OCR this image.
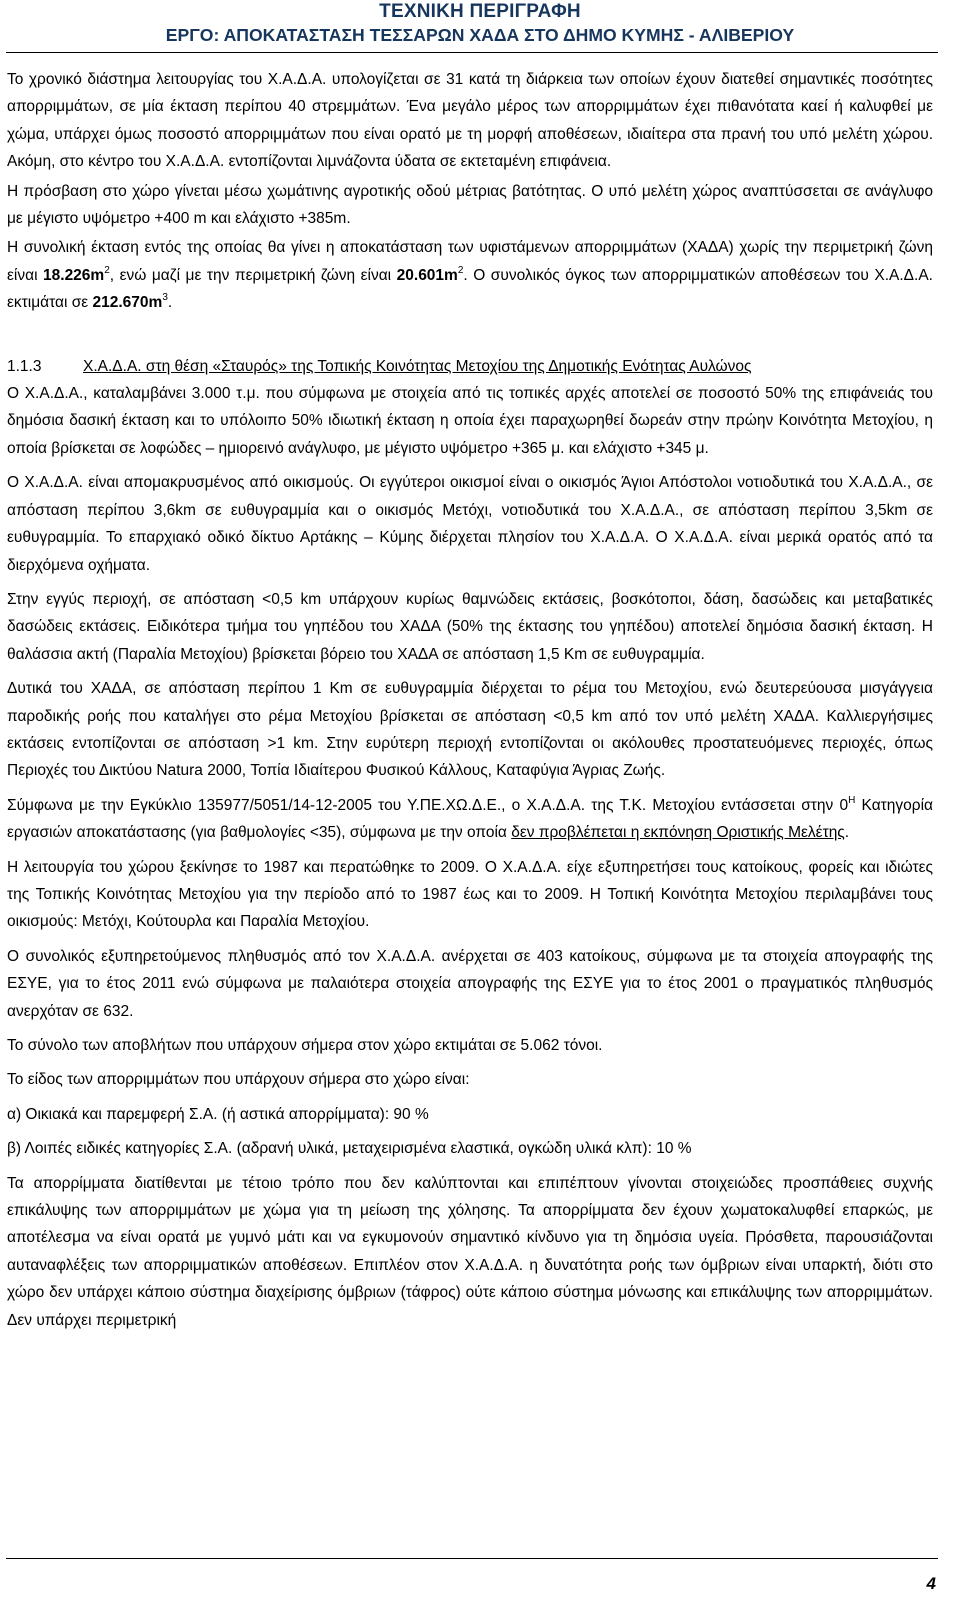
ΤΕΧΝΙΚΗ ΠΕΡΙΓΡΑΦΗ
ΕΡΓΟ: ΑΠΟΚΑΤΑΣΤΑΣΗ ΤΕΣΣΑΡΩΝ ΧΑΔΑ ΣΤΟ ΔΗΜΟ ΚΥΜΗΣ - ΑΛΙΒΕΡΙΟΥ

Το χρονικό διάστημα λειτουργίας του Χ.Α.Δ.Α. υπολογίζεται σε 31 κατά τη διάρκεια των οποίων έχουν διατεθεί σημαντικές ποσότητες απορριμμάτων, σε μία έκταση περίπου 40 στρεμμάτων. Ένα μεγάλο μέρος των απορριμμάτων έχει πιθανότατα καεί ή καλυφθεί με χώμα, υπάρχει όμως ποσοστό απορριμμάτων που είναι ορατό με τη μορφή αποθέσεων, ιδιαίτερα στα πρανή του υπό μελέτη χώρου. Ακόμη, στο κέντρο του Χ.Α.Δ.Α. εντοπίζονται λιμνάζοντα ύδατα σε εκτεταμένη επιφάνεια.

Η πρόσβαση στο χώρο γίνεται μέσω χωμάτινης αγροτικής οδού μέτριας βατότητας. Ο υπό μελέτη χώρος αναπτύσσεται σε ανάγλυφο με μέγιστο υψόμετρο +400 m και ελάχιστο +385m.

Η συνολική έκταση εντός της οποίας θα γίνει η αποκατάσταση των υφιστάμενων απορριμμάτων (ΧΑΔΑ) χωρίς την περιμετρική ζώνη είναι $18.226m^2$, ενώ μαζί με την περιμετρική ζώνη είναι $20.601m^2$. Ο συνολικός όγκος των απορριμματικών αποθέσεων του Χ.Α.Δ.Α. εκτιμάται σε $212.670m^3$.

1.1.3	Χ.Α.Δ.Α. στη θέση «Σταυρός» της Τοπικής Κοινότητας Μετοχίου της Δημοτικής Ενότητας Αυλώνος

Ο Χ.Α.Δ.Α., καταλαμβάνει 3.000 τ.μ. που σύμφωνα με στοιχεία από τις τοπικές αρχές αποτελεί σε ποσοστό 50% της επιφάνειάς του δημόσια δασική έκταση και το υπόλοιπο 50% ιδιωτική έκταση η οποία έχει παραχωρηθεί δωρεάν στην πρώην Κοινότητα Μετοχίου, η οποία βρίσκεται σε λοφώδες – ημιορεινό ανάγλυφο, με μέγιστο υψόμετρο +365 μ. και ελάχιστο +345 μ.

Ο Χ.Α.Δ.Α. είναι απομακρυσμένος από οικισμούς. Οι εγγύτεροι οικισμοί είναι ο οικισμός Άγιοι Απόστολοι νοτιοδυτικά του Χ.Α.Δ.Α., σε απόσταση περίπου 3,6km σε ευθυγραμμία και ο οικισμός Μετόχι, νοτιοδυτικά του Χ.Α.Δ.Α., σε απόσταση περίπου 3,5km σε ευθυγραμμία. Το επαρχιακό οδικό δίκτυο Αρτάκης – Κύμης διέρχεται πλησίον του Χ.Α.Δ.Α. Ο Χ.Α.Δ.Α. είναι μερικά ορατός από τα διερχόμενα οχήματα.

Στην εγγύς περιοχή, σε απόσταση <0,5 km υπάρχουν κυρίως θαμνώδεις εκτάσεις, βοσκότοποι, δάση, δασώδεις και μεταβατικές δασώδεις εκτάσεις. Ειδικότερα τμήμα του γηπέδου του ΧΑΔΑ (50% της έκτασης του γηπέδου) αποτελεί δημόσια δασική έκταση. Η θαλάσσια ακτή (Παραλία Μετοχίου) βρίσκεται βόρειο του ΧΑΔΑ σε απόσταση 1,5 Km σε ευθυγραμμία.

Δυτικά του ΧΑΔΑ, σε απόσταση περίπου 1 Km σε ευθυγραμμία διέρχεται το ρέμα του Μετοχίου, ενώ δευτερεύουσα μισγάγγεια παροδικής ροής που καταλήγει στο ρέμα Μετοχίου βρίσκεται σε απόσταση <0,5 km από τον υπό μελέτη ΧΑΔΑ. Καλλιεργήσιμες εκτάσεις εντοπίζονται σε απόσταση >1 km. Στην ευρύτερη περιοχή εντοπίζονται οι ακόλουθες προστατευόμενες περιοχές, όπως Περιοχές του Δικτύου Natura 2000, Τοπία Ιδιαίτερου Φυσικού Κάλλους, Καταφύγια Άγριας Ζωής.

Σύμφωνα με την Εγκύκλιο 135977/5051/14-12-2005 του Υ.ΠΕ.ΧΩ.Δ.Ε., ο Χ.Α.Δ.Α. της Τ.Κ. Μετοχίου εντάσσεται στην $0^H$ Κατηγορία εργασιών αποκατάστασης (για βαθμολογίες <35), σύμφωνα με την οποία δεν προβλέπεται η εκπόνηση Οριστικής Μελέτης.

Η λειτουργία του χώρου ξεκίνησε το 1987 και περατώθηκε το 2009. Ο Χ.Α.Δ.Α. είχε εξυπηρετήσει τους κατοίκους, φορείς και ιδιώτες της Τοπικής Κοινότητας Μετοχίου για την περίοδο από το 1987 έως και το 2009. Η Τοπική Κοινότητα Μετοχίου περιλαμβάνει τους οικισμούς: Μετόχι, Κούτουρλα και Παραλία Μετοχίου.

Ο συνολικός εξυπηρετούμενος πληθυσμός από τον Χ.Α.Δ.Α. ανέρχεται σε 403 κατοίκους, σύμφωνα με τα στοιχεία απογραφής της ΕΣΥΕ, για το έτος 2011 ενώ σύμφωνα με παλαιότερα στοιχεία απογραφής της ΕΣΥΕ για το έτος 2001 ο πραγματικός πληθυσμός ανερχόταν σε 632.

Το σύνολο των αποβλήτων που υπάρχουν σήμερα στον χώρο εκτιμάται σε 5.062 τόνοι.

Το είδος των απορριμμάτων που υπάρχουν σήμερα στο χώρο είναι:

α) Οικιακά και παρεμφερή Σ.Α. (ή αστικά απορρίμματα): 90 %

β) Λοιπές ειδικές κατηγορίες Σ.Α. (αδρανή υλικά, μεταχειρισμένα ελαστικά, ογκώδη υλικά κλπ): 10 %

Τα απορρίμματα διατίθενται με τέτοιο τρόπο που δεν καλύπτονται και επιπέπτουν γίνονται στοιχειώδες προσπάθειες συχνής επικάλυψης των απορριμμάτων με χώμα για τη μείωση της χόλησης. Τα απορρίμματα δεν έχουν χωματοκαλυφθεί επαρκώς, με αποτέλεσμα να είναι ορατά με γυμνό μάτι και να εγκυμονούν σημαντικό κίνδυνο για τη δημόσια υγεία. Πρόσθετα, παρουσιάζονται αυταναφλέξεις των απορριμματικών αποθέσεων. Επιπλέον στον Χ.Α.Δ.Α. η δυνατότητα ροής των όμβριων είναι υπαρκτή, διότι στο χώρο δεν υπάρχει κάποιο σύστημα διαχείρισης όμβριων (τάφρος) ούτε κάποιο σύστημα μόνωσης και επικάλυψης των απορριμμάτων. Δεν υπάρχει περιμετρική

4
